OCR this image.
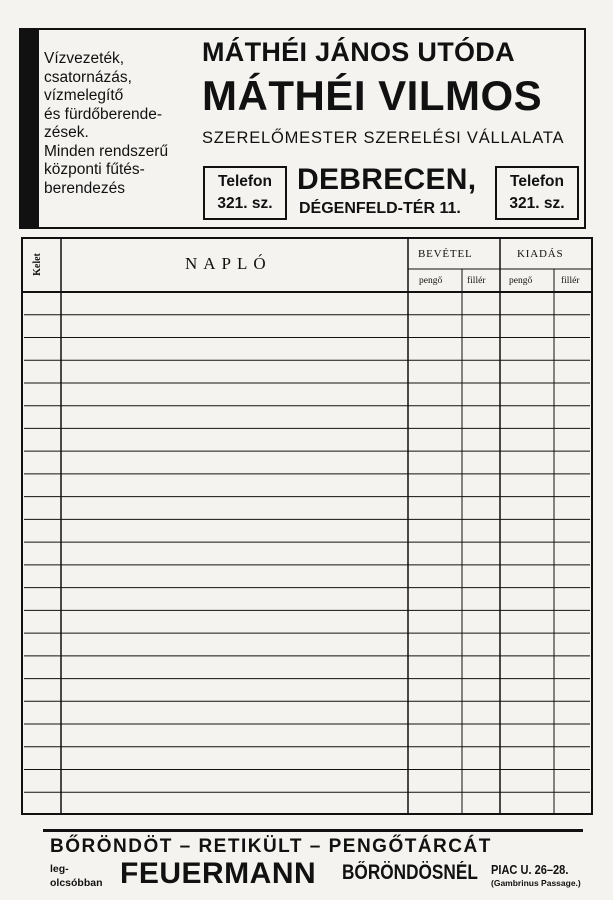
Vízvezeték,
csatornázás,
vízmelegítő
és fürdőberende-
zések.
Minden rendszerű
központi fűtés-
berendezés
MÁTHÉI JÁNOS UTÓDA
MÁTHÉI VILMOS
SZERELŐMESTER SZERELÉSI VÁLLALATA
Telefon
321. sz.
DEBRECEN,
DÉGENFELD-TÉR 11.
Telefon
321. sz.
Kelet	NAPLÓ	BEVÉTEL	KIADÁS
pengő	fillér pengő	fillér
BŐRÖNDÖT – RETIKÜLT – PENGŐTÁRCÁT
leg-
olcsóbban FEUERMANN BŐRÖNDÖSNÉL PIAC U. 26–28.
(Gambrinus Passage.)
